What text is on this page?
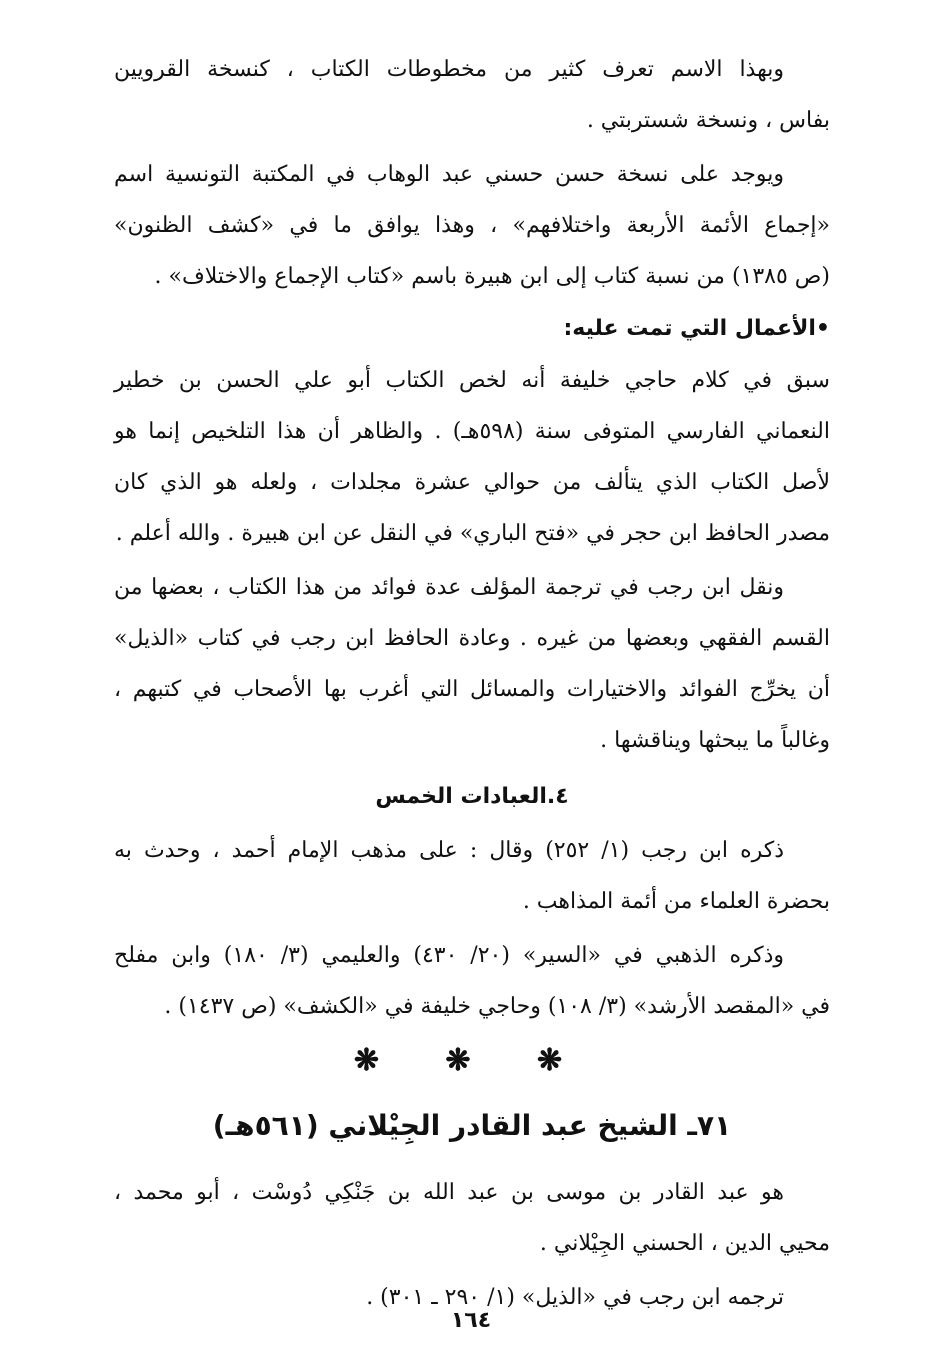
وبهذا الاسم تعرف كثير من مخطوطات الكتاب ، كنسخة القرويين
بفاس ، ونسخة شستربتي .
ويوجد على نسخة حسن حسني عبد الوهاب في المكتبة التونسية اسم
«إجماع الأئمة الأربعة واختلافهم» ، وهذا يوافق ما في «كشف الظنون»
(ص ١٣٨٥) من نسبة كتاب إلى ابن هبيرة باسم «كتاب الإجماع والاختلاف» .
•الأعمال التي تمت عليه:
سبق في كلام حاجي خليفة أنه لخص الكتاب أبو علي الحسن بن خطير
النعماني الفارسي المتوفى سنة (٥٩٨هـ) . والظاهر أن هذا التلخيص إنما هو
لأصل الكتاب الذي يتألف من حوالي عشرة مجلدات ، ولعله هو الذي كان
مصدر الحافظ ابن حجر في «فتح الباري» في النقل عن ابن هبيرة . والله أعلم .
ونقل ابن رجب في ترجمة المؤلف عدة فوائد من هذا الكتاب ، بعضها من
القسم الفقهي وبعضها من غيره . وعادة الحافظ ابن رجب في كتاب «الذيل»
أن يخرِّج الفوائد والاختيارات والمسائل التي أغرب بها الأصحاب في كتبهم ،
وغالباً ما يبحثها ويناقشها .
٤.العبادات الخمس
ذكره ابن رجب (١/ ٢٥٢) وقال : على مذهب الإمام أحمد ، وحدث به
بحضرة العلماء من أئمة المذاهب .
وذكره الذهبي في «السير» (٢٠/ ٤٣٠) والعليمي (٣/ ١٨٠) وابن مفلح
في «المقصد الأرشد» (٣/ ١٠٨) وحاجي خليفة في «الكشف» (ص ١٤٣٧) .
❋ ❋ ❋
٧١ـ الشيخ عبد القادر الجِيْلاني (٥٦١هـ)
هو عبد القادر بن موسى بن عبد الله بن جَنْكِي دُوسْت ، أبو محمد ،
محيي الدين ، الحسني الجِيْلاني .
ترجمه ابن رجب في «الذيل» (١/ ٢٩٠ ـ ٣٠١) .
١٦٤
